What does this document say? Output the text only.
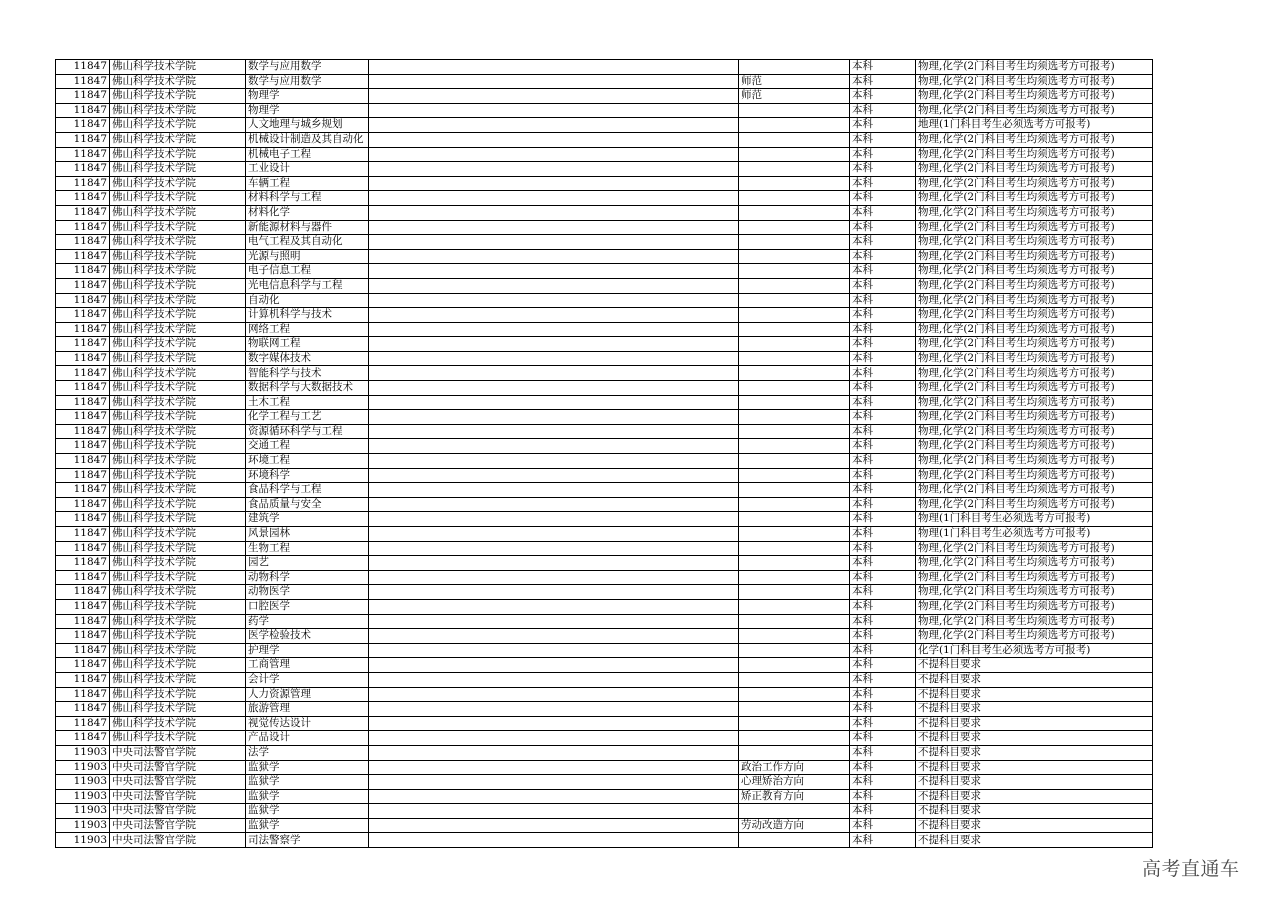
11847	佛山科学技术学院	数学与应用数学			本科	物理,化学(2门科目考生均须选考方可报考)
11847	佛山科学技术学院	数学与应用数学		师范	本科	物理,化学(2门科目考生均须选考方可报考)
11847	佛山科学技术学院	物理学		师范	本科	物理,化学(2门科目考生均须选考方可报考)
11847	佛山科学技术学院	物理学			本科	物理,化学(2门科目考生均须选考方可报考)
11847	佛山科学技术学院	人文地理与城乡规划			本科	地理(1门科目考生必须选考方可报考)
11847	佛山科学技术学院	机械设计制造及其自动化			本科	物理,化学(2门科目考生均须选考方可报考)
11847	佛山科学技术学院	机械电子工程			本科	物理,化学(2门科目考生均须选考方可报考)
11847	佛山科学技术学院	工业设计			本科	物理,化学(2门科目考生均须选考方可报考)
11847	佛山科学技术学院	车辆工程			本科	物理,化学(2门科目考生均须选考方可报考)
11847	佛山科学技术学院	材料科学与工程			本科	物理,化学(2门科目考生均须选考方可报考)
11847	佛山科学技术学院	材料化学			本科	物理,化学(2门科目考生均须选考方可报考)
11847	佛山科学技术学院	新能源材料与器件			本科	物理,化学(2门科目考生均须选考方可报考)
11847	佛山科学技术学院	电气工程及其自动化			本科	物理,化学(2门科目考生均须选考方可报考)
11847	佛山科学技术学院	光源与照明			本科	物理,化学(2门科目考生均须选考方可报考)
11847	佛山科学技术学院	电子信息工程			本科	物理,化学(2门科目考生均须选考方可报考)
11847	佛山科学技术学院	光电信息科学与工程			本科	物理,化学(2门科目考生均须选考方可报考)
11847	佛山科学技术学院	自动化			本科	物理,化学(2门科目考生均须选考方可报考)
11847	佛山科学技术学院	计算机科学与技术			本科	物理,化学(2门科目考生均须选考方可报考)
11847	佛山科学技术学院	网络工程			本科	物理,化学(2门科目考生均须选考方可报考)
11847	佛山科学技术学院	物联网工程			本科	物理,化学(2门科目考生均须选考方可报考)
11847	佛山科学技术学院	数字媒体技术			本科	物理,化学(2门科目考生均须选考方可报考)
11847	佛山科学技术学院	智能科学与技术			本科	物理,化学(2门科目考生均须选考方可报考)
11847	佛山科学技术学院	数据科学与大数据技术			本科	物理,化学(2门科目考生均须选考方可报考)
11847	佛山科学技术学院	土木工程			本科	物理,化学(2门科目考生均须选考方可报考)
11847	佛山科学技术学院	化学工程与工艺			本科	物理,化学(2门科目考生均须选考方可报考)
11847	佛山科学技术学院	资源循环科学与工程			本科	物理,化学(2门科目考生均须选考方可报考)
11847	佛山科学技术学院	交通工程			本科	物理,化学(2门科目考生均须选考方可报考)
11847	佛山科学技术学院	环境工程			本科	物理,化学(2门科目考生均须选考方可报考)
11847	佛山科学技术学院	环境科学			本科	物理,化学(2门科目考生均须选考方可报考)
11847	佛山科学技术学院	食品科学与工程			本科	物理,化学(2门科目考生均须选考方可报考)
11847	佛山科学技术学院	食品质量与安全			本科	物理,化学(2门科目考生均须选考方可报考)
11847	佛山科学技术学院	建筑学			本科	物理(1门科目考生必须选考方可报考)
11847	佛山科学技术学院	风景园林			本科	物理(1门科目考生必须选考方可报考)
11847	佛山科学技术学院	生物工程			本科	物理,化学(2门科目考生均须选考方可报考)
11847	佛山科学技术学院	园艺			本科	物理,化学(2门科目考生均须选考方可报考)
11847	佛山科学技术学院	动物科学			本科	物理,化学(2门科目考生均须选考方可报考)
11847	佛山科学技术学院	动物医学			本科	物理,化学(2门科目考生均须选考方可报考)
11847	佛山科学技术学院	口腔医学			本科	物理,化学(2门科目考生均须选考方可报考)
11847	佛山科学技术学院	药学			本科	物理,化学(2门科目考生均须选考方可报考)
11847	佛山科学技术学院	医学检验技术			本科	物理,化学(2门科目考生均须选考方可报考)
11847	佛山科学技术学院	护理学			本科	化学(1门科目考生必须选考方可报考)
11847	佛山科学技术学院	工商管理			本科	不提科目要求
11847	佛山科学技术学院	会计学			本科	不提科目要求
11847	佛山科学技术学院	人力资源管理			本科	不提科目要求
11847	佛山科学技术学院	旅游管理			本科	不提科目要求
11847	佛山科学技术学院	视觉传达设计			本科	不提科目要求
11847	佛山科学技术学院	产品设计			本科	不提科目要求
11903	中央司法警官学院	法学			本科	不提科目要求
11903	中央司法警官学院	监狱学		政治工作方向	本科	不提科目要求
11903	中央司法警官学院	监狱学		心理矫治方向	本科	不提科目要求
11903	中央司法警官学院	监狱学		矫正教育方向	本科	不提科目要求
11903	中央司法警官学院	监狱学			本科	不提科目要求
11903	中央司法警官学院	监狱学		劳动改造方向	本科	不提科目要求
11903	中央司法警官学院	司法警察学			本科	不提科目要求
高考直通车
